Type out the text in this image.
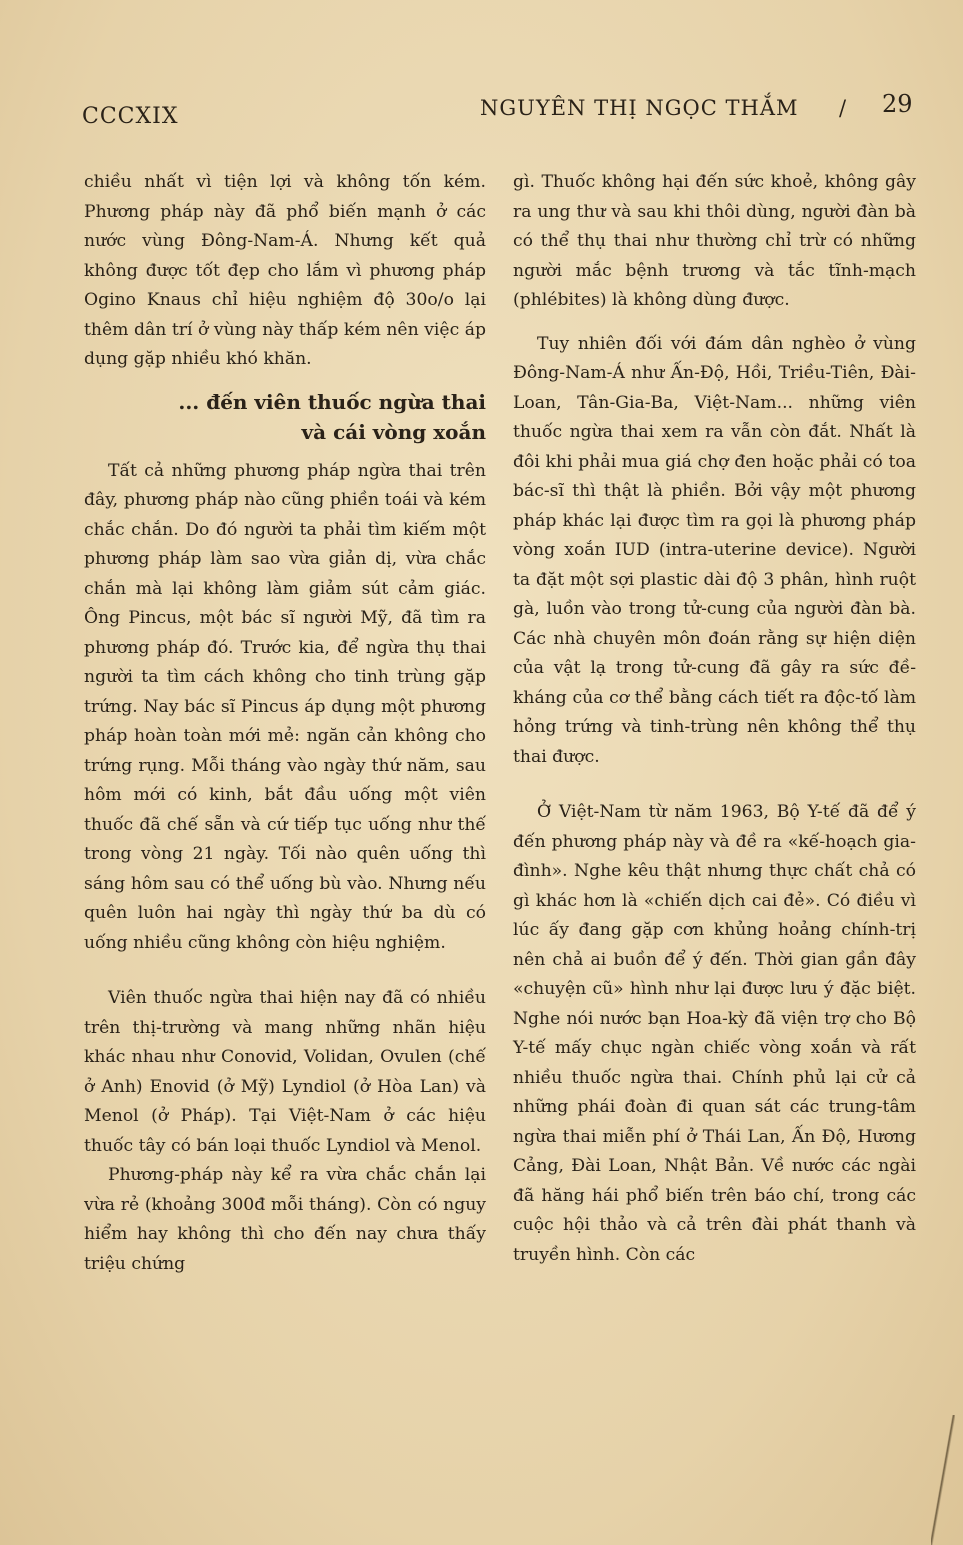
CCCXIX	NGUYÊN THỊ NGỌC THẮM / 29

chiều nhất vì tiện lợi và không tốn kém. Phương pháp này đã phổ biến mạnh ở các nước vùng Đông-Nam-Á. Nhưng kết quả không được tốt đẹp cho lắm vì phương pháp Ogino Knaus chỉ hiệu nghiệm độ 30o/o lại thêm dân trí ở vùng này thấp kém nên việc áp dụng gặp nhiều khó khăn.

... đến viên thuốc ngừa thai
và cái vòng xoắn

Tất cả những phương pháp ngừa thai trên đây, phương pháp nào cũng phiền toái và kém chắc chắn. Do đó người ta phải tìm kiếm một phương pháp làm sao vừa giản dị, vừa chắc chắn mà lại không làm giảm sút cảm giác. Ông Pincus, một bác sĩ người Mỹ, đã tìm ra phương pháp đó. Trước kia, để ngừa thụ thai người ta tìm cách không cho tinh trùng gặp trứng. Nay bác sĩ Pincus áp dụng một phương pháp hoàn toàn mới mẻ: ngăn cản không cho trứng rụng. Mỗi tháng vào ngày thứ năm, sau hôm mới có kinh, bắt đầu uống một viên thuốc đã chế sẵn và cứ tiếp tục uống như thế trong vòng 21 ngày. Tối nào quên uống thì sáng hôm sau có thể uống bù vào. Nhưng nếu quên luôn hai ngày thì ngày thứ ba dù có uống nhiều cũng không còn hiệu nghiệm.

Viên thuốc ngừa thai hiện nay đã có nhiều trên thị-trường và mang những nhãn hiệu khác nhau như Conovid, Volidan, Ovulen (chế ở Anh) Enovid (ở Mỹ) Lyndiol (ở Hòa Lan) và Menol (ở Pháp). Tại Việt-Nam ở các hiệu thuốc tây có bán loại thuốc Lyndiol và Menol.

Phương-pháp này kể ra vừa chắc chắn lại vừa rẻ (khoảng 300đ mỗi tháng). Còn có nguy hiểm hay không thì cho đến nay chưa thấy triệu chứng

gì. Thuốc không hại đến sức khoẻ, không gây ra ung thư và sau khi thôi dùng, người đàn bà có thể thụ thai như thường chỉ trừ có những người mắc bệnh trương và tắc tĩnh-mạch (phlébites) là không dùng được.

Tuy nhiên đối với đám dân nghèo ở vùng Đông-Nam-Á như Ấn-Độ, Hồi, Triều-Tiên, Đài-Loan, Tân-Gia-Ba, Việt-Nam... những viên thuốc ngừa thai xem ra vẫn còn đắt. Nhất là đôi khi phải mua giá chợ đen hoặc phải có toa bác-sĩ thì thật là phiền. Bởi vậy một phương pháp khác lại được tìm ra gọi là phương pháp vòng xoắn IUD (intra-uterine device). Người ta đặt một sợi plastic dài độ 3 phân, hình ruột gà, luồn vào trong tử-cung của người đàn bà. Các nhà chuyên môn đoán rằng sự hiện diện của vật lạ trong tử-cung đã gây ra sức đề-kháng của cơ thể bằng cách tiết ra độc-tố làm hỏng trứng và tinh-trùng nên không thể thụ thai được.

Ở Việt-Nam từ năm 1963, Bộ Y-tế đã để ý đến phương pháp này và đề ra «kế-hoạch gia-đình». Nghe kêu thật nhưng thực chất chả có gì khác hơn là «chiến dịch cai đẻ». Có điều vì lúc ấy đang gặp cơn khủng hoảng chính-trị nên chả ai buồn để ý đến. Thời gian gần đây «chuyện cũ» hình như lại được lưu ý đặc biệt. Nghe nói nước bạn Hoa-kỳ đã viện trợ cho Bộ Y-tế mấy chục ngàn chiếc vòng xoắn và rất nhiều thuốc ngừa thai. Chính phủ lại cử cả những phái đoàn đi quan sát các trung-tâm ngừa thai miễn phí ở Thái Lan, Ấn Độ, Hương Cảng, Đài Loan, Nhật Bản. Về nước các ngài đã hăng hái phổ biến trên báo chí, trong các cuộc hội thảo và cả trên đài phát thanh và truyền hình. Còn các
